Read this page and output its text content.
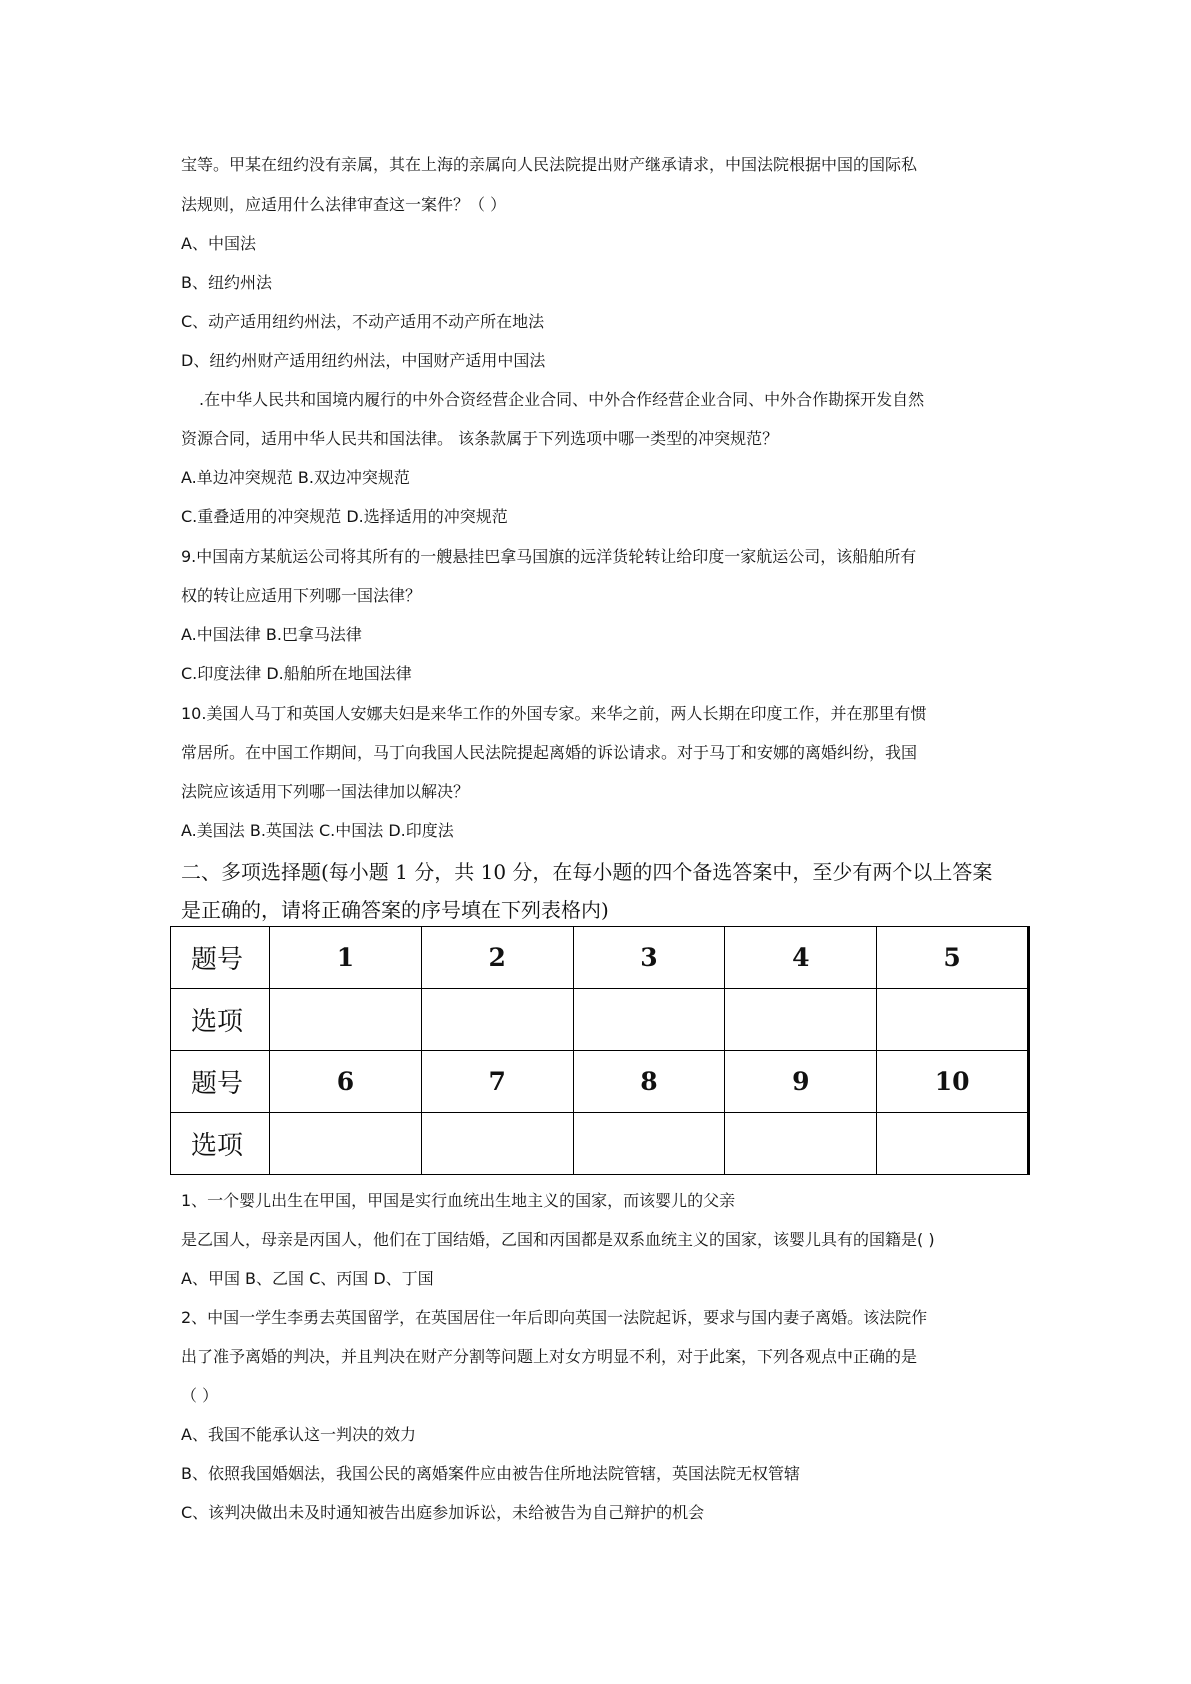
宝等。甲某在纽约没有亲属，其在上海的亲属向人民法院提出财产继承请求，中国法院根据中国的国际私

法规则，应适用什么法律审查这一案件？（ ）

A、中国法

B、纽约州法

C、动产适用纽约州法，不动产适用不动产所在地法

D、纽约州财产适用纽约州法，中国财产适用中国法

.在中华人民共和国境内履行的中外合资经营企业合同、中外合作经营企业合同、中外合作勘探开发自然

资源合同，适用中华人民共和国法律。 该条款属于下列选项中哪一类型的冲突规范？

A.单边冲突规范 B.双边冲突规范

C.重叠适用的冲突规范 D.选择适用的冲突规范

9.中国南方某航运公司将其所有的一艘悬挂巴拿马国旗的远洋货轮转让给印度一家航运公司，该船舶所有

权的转让应适用下列哪一国法律？

A.中国法律 B.巴拿马法律

C.印度法律 D.船舶所在地国法律

10.美国人马丁和英国人安娜夫妇是来华工作的外国专家。来华之前，两人长期在印度工作，并在那里有惯

常居所。在中国工作期间，马丁向我国人民法院提起离婚的诉讼请求。对于马丁和安娜的离婚纠纷，我国

法院应该适用下列哪一国法律加以解决？

A.美国法 B.英国法 C.中国法 D.印度法

二、多项选择题(每小题 1 分，共 10 分，在每小题的四个备选答案中，至少有两个以上答案

是正确的，请将正确答案的序号填在下列表格内)

题号	1	2	3	4	5
选项					
题号	6	7	8	9	10
选项					

1、一个婴儿出生在甲国，甲国是实行血统出生地主义的国家，而该婴儿的父亲

是乙国人，母亲是丙国人，他们在丁国结婚，乙国和丙国都是双系血统主义的国家，该婴儿具有的国籍是( )

A、甲国 B、乙国 C、丙国 D、丁国

2、中国一学生李勇去英国留学，在英国居住一年后即向英国一法院起诉，要求与国内妻子离婚。该法院作

出了准予离婚的判决，并且判决在财产分割等问题上对女方明显不利，对于此案，下列各观点中正确的是

（ ）

A、我国不能承认这一判决的效力

B、依照我国婚姻法，我国公民的离婚案件应由被告住所地法院管辖，英国法院无权管辖

C、该判决做出未及时通知被告出庭参加诉讼，未给被告为自己辩护的机会
